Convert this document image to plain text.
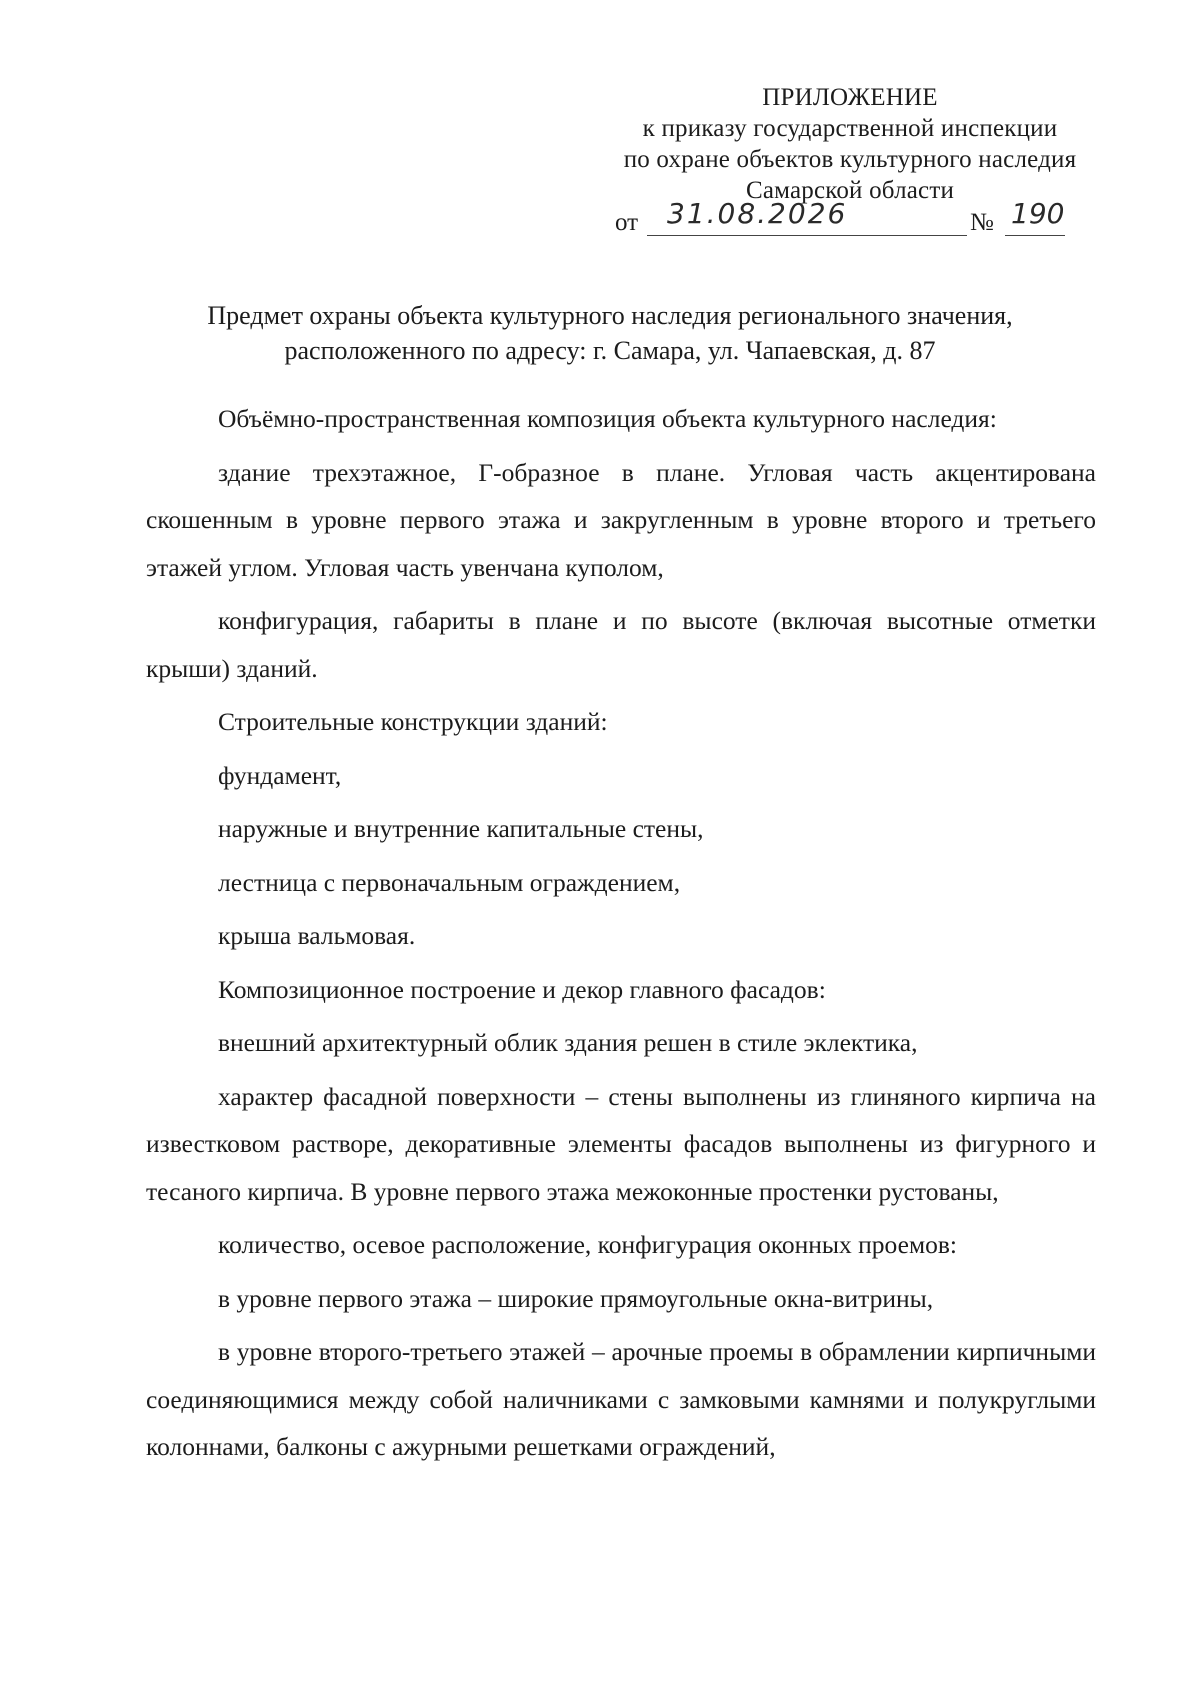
ПРИЛОЖЕНИЕ
к приказу государственной инспекции
по охране объектов культурного наследия
Самарской области
от 31.08.2026	№ 190
Предмет охраны объекта культурного наследия регионального значения,
расположенного по адресу: г. Самара, ул. Чапаевская, д. 87

Объёмно-пространственная композиция объекта культурного наследия:

здание трехэтажное, Г-образное в плане. Угловая часть акцентирована скошенным в уровне первого этажа и закругленным в уровне второго и третьего этажей углом. Угловая часть увенчана куполом,

конфигурация, габариты в плане и по высоте (включая высотные отметки крыши) зданий.

Строительные конструкции зданий:

фундамент,

наружные и внутренние капитальные стены,

лестница с первоначальным ограждением,

крыша вальмовая.

Композиционное построение и декор главного фасадов:

внешний архитектурный облик здания решен в стиле эклектика,

характер фасадной поверхности – стены выполнены из глиняного кирпича на известковом растворе, декоративные элементы фасадов выполнены из фигурного и тесаного кирпича. В уровне первого этажа межоконные простенки рустованы,

количество, осевое расположение, конфигурация оконных проемов:

в уровне первого этажа – широкие прямоугольные окна-витрины,

в уровне второго-третьего этажей – арочные проемы в обрамлении кирпичными соединяющимися между собой наличниками с замковыми камнями и полукруглыми колоннами, балконы с ажурными решетками ограждений,
